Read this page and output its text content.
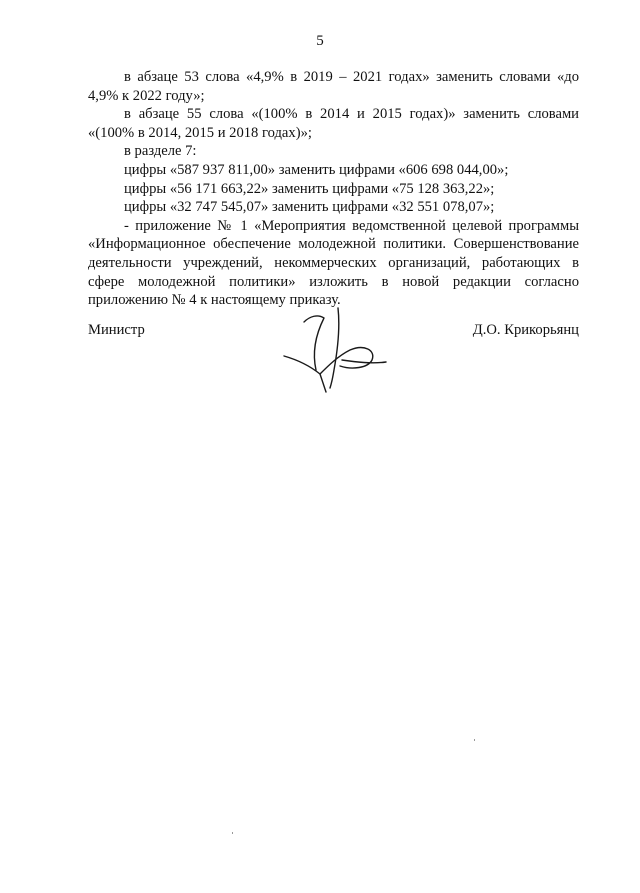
5

в абзаце 53 слова «4,9% в 2019 – 2021 годах» заменить словами «до 4,9% к 2022 году»;

в абзаце 55 слова «(100% в 2014 и 2015 годах)» заменить словами «(100% в 2014, 2015 и 2018 годах)»;

в разделе 7:

цифры «587 937 811,00» заменить цифрами «606 698 044,00»;

цифры «56 171 663,22» заменить цифрами «75 128 363,22»;

цифры «32 747 545,07» заменить цифрами «32 551 078,07»;

- приложение № 1 «Мероприятия ведомственной целевой программы «Информационное обеспечение молодежной политики. Совершенствование деятельности учреждений, некоммерческих организаций, работающих в сфере молодежной политики» изложить в новой редакции согласно приложению № 4 к настоящему приказу.

Министр	Д.О. Крикорьянц
